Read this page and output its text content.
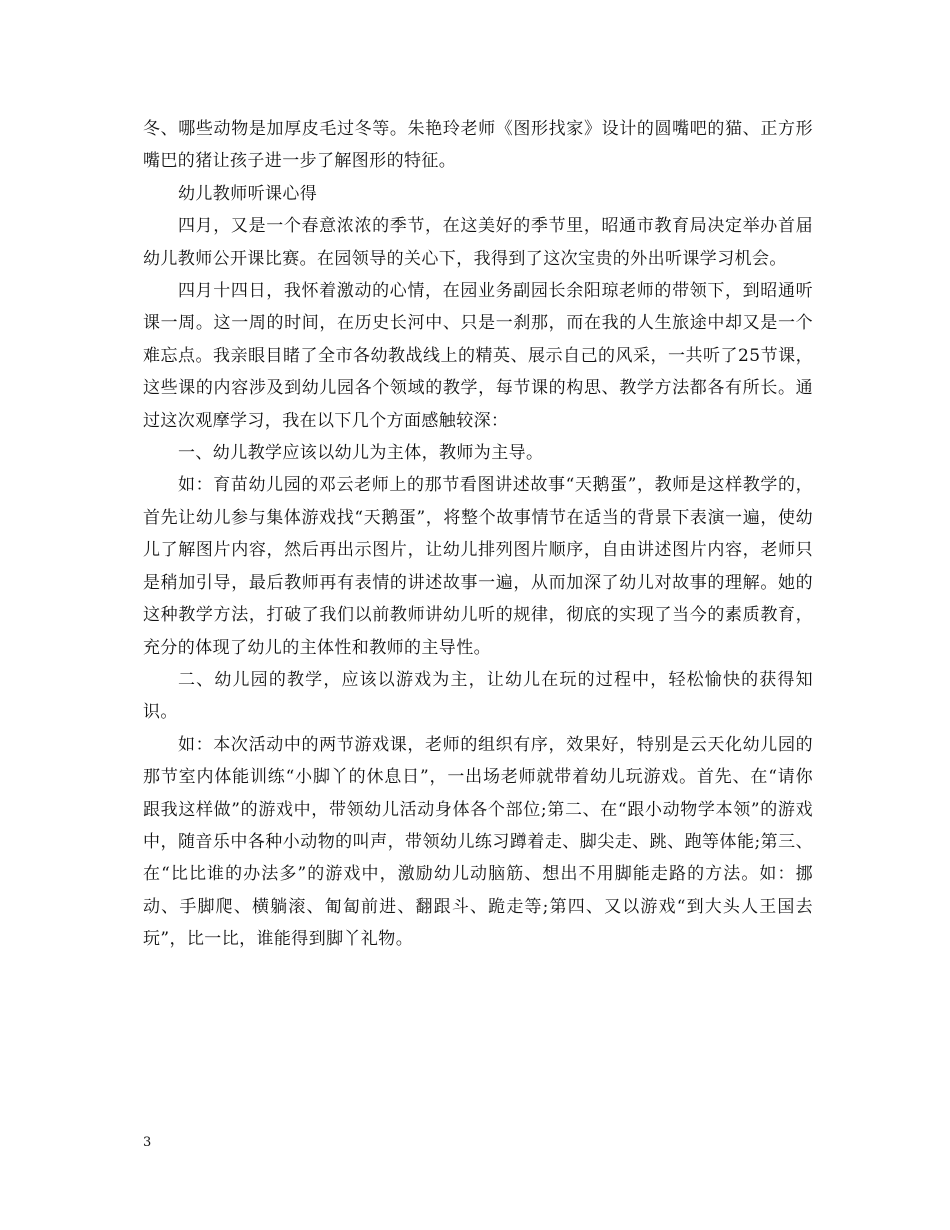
冬、哪些动物是加厚皮毛过冬等。朱艳玲老师《图形找家》设计的圆嘴吧的猫、正方形嘴巴的猪让孩子进一步了解图形的特征。

幼儿教师听课心得

四月，又是一个春意浓浓的季节，在这美好的季节里，昭通市教育局决定举办首届幼儿教师公开课比赛。在园领导的关心下，我得到了这次宝贵的外出听课学习机会。

四月十四日，我怀着激动的心情，在园业务副园长余阳琼老师的带领下，到昭通听课一周。这一周的时间，在历史长河中、只是一刹那，而在我的人生旅途中却又是一个难忘点。我亲眼目睹了全市各幼教战线上的精英、展示自己的风采，一共听了25节课，这些课的内容涉及到幼儿园各个领域的教学，每节课的构思、教学方法都各有所长。通过这次观摩学习，我在以下几个方面感触较深：

一、幼儿教学应该以幼儿为主体，教师为主导。

如：育苗幼儿园的邓云老师上的那节看图讲述故事“天鹅蛋”，教师是这样教学的，首先让幼儿参与集体游戏找“天鹅蛋”，将整个故事情节在适当的背景下表演一遍，使幼儿了解图片内容，然后再出示图片，让幼儿排列图片顺序，自由讲述图片内容，老师只是稍加引导，最后教师再有表情的讲述故事一遍，从而加深了幼儿对故事的理解。她的这种教学方法，打破了我们以前教师讲幼儿听的规律，彻底的实现了当今的素质教育，充分的体现了幼儿的主体性和教师的主导性。

二、幼儿园的教学，应该以游戏为主，让幼儿在玩的过程中，轻松愉快的获得知识。

如：本次活动中的两节游戏课，老师的组织有序，效果好，特别是云天化幼儿园的那节室内体能训练“小脚丫的休息日”，一出场老师就带着幼儿玩游戏。首先、在“请你跟我这样做”的游戏中，带领幼儿活动身体各个部位;第二、在“跟小动物学本领”的游戏中，随音乐中各种小动物的叫声，带领幼儿练习蹲着走、脚尖走、跳、跑等体能;第三、在“比比谁的办法多”的游戏中，激励幼儿动脑筋、想出不用脚能走路的方法。如：挪动、手脚爬、横躺滚、匍匐前进、翻跟斗、跪走等;第四、又以游戏“到大头人王国去玩”，比一比，谁能得到脚丫礼物。

3
